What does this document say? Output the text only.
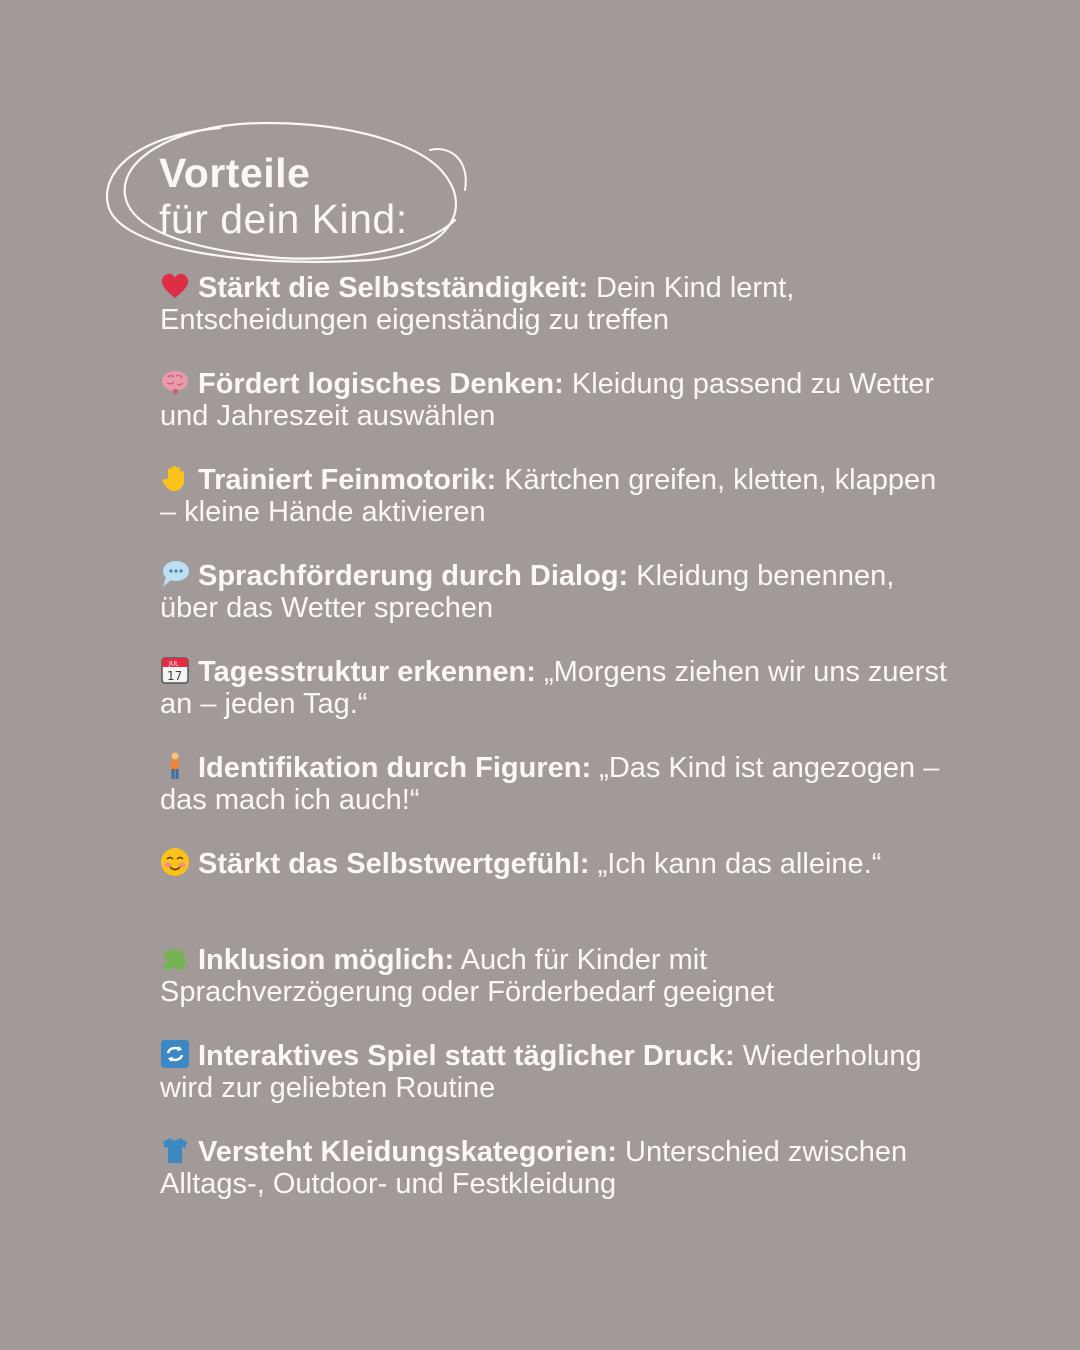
Vorteile
für dein Kind:

Stärkt die Selbstständigkeit: Dein Kind lernt, Entscheidungen eigenständig zu treffen

Fördert logisches Denken: Kleidung passend zu Wetter und Jahreszeit auswählen

Trainiert Feinmotorik: Kärtchen greifen, kletten, klappen – kleine Hände aktivieren

Sprachförderung durch Dialog: Kleidung benennen, über das Wetter sprechen

JUL
17 Tagesstruktur erkennen: „Morgens ziehen wir uns zuerst an – jeden Tag.“

Identifikation durch Figuren: „Das Kind ist angezogen – das mach ich auch!“

Stärkt das Selbstwertgefühl: „Ich kann das alleine.“

Inklusion möglich: Auch für Kinder mit Sprachverzögerung oder Förderbedarf geeignet

Interaktives Spiel statt täglicher Druck: Wiederholung wird zur geliebten Routine

Versteht Kleidungskategorien: Unterschied zwischen Alltags-, Outdoor- und Festkleidung
